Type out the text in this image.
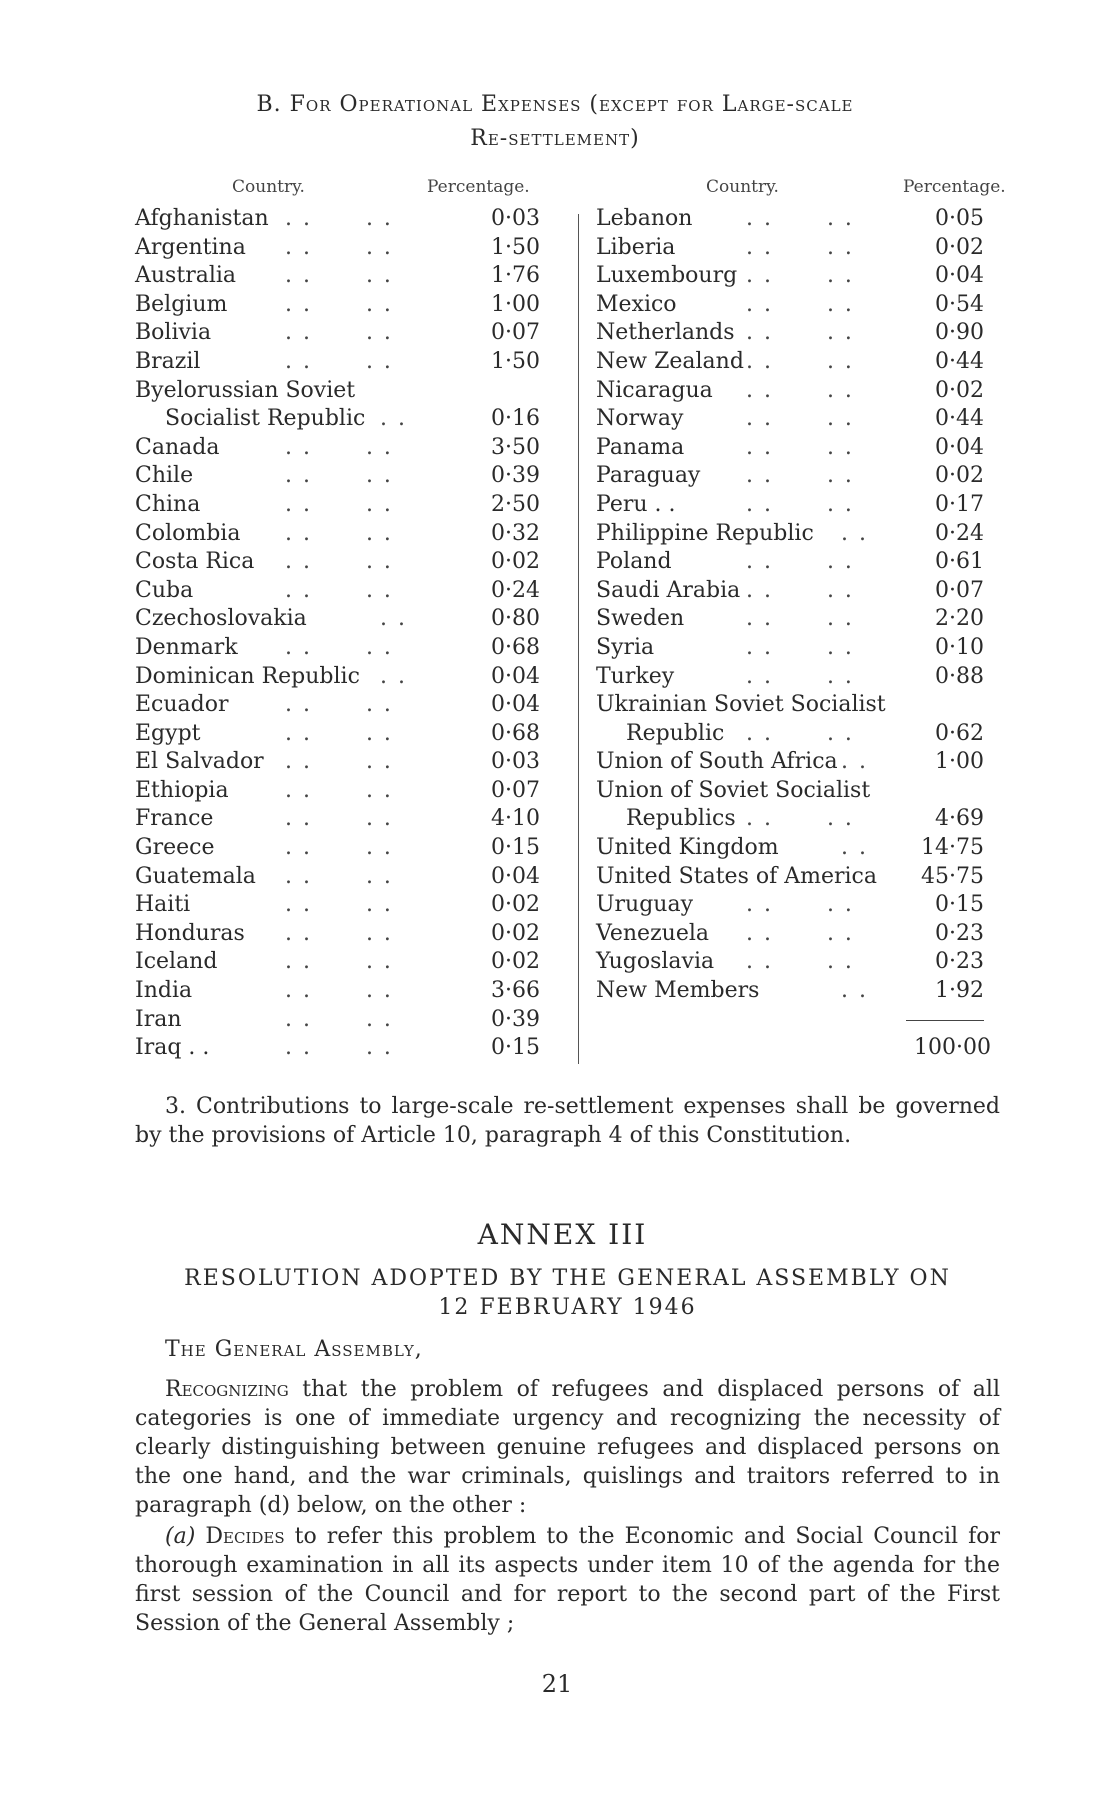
B. For Operational Expenses (except for Large-scale
Re-settlement)
Country.	Percentage.
Afghanistan . .      . .	0·03
Argentina . .      . .	1·50
Australia . .      . .	1·76
Belgium	. .      . .	1·00
Bolivia	. .      . .	0·07
Brazil	. .      . .	1·50
Byelorussian Soviet
Socialist Republic . .	0·16
Canada	. .      . .	3·50
Chile	. .      . .	0·39
China	. .      . .	2·50
Colombia . .      . .	0·32
Costa Rica . .      . .	0·02
Cuba	. .      . .	0·24
Czechoslovakia	. .	0·80
Denmark . .      . .	0·68
Dominican Republic . .	0·04
Ecuador	. .      . .	0·04
Egypt	. .      . .	0·68
El Salvador . .      . .	0·03
Ethiopia	. .      . .	0·07
France	. .      . .	4·10
Greece	. .      . .	0·15
Guatemala . .      . .	0·04
Haiti	. .      . .	0·02
Honduras . .      . .	0·02
Iceland	. .      . .	0·02
India	. .      . .	3·66
Iran	. .      . .	0·39
Iraq . .	. .      . .	0·15
Country.	Percentage.
Lebanon . .      . .	0·05
Liberia	. .      . .	0·02
Luxembourg . .      . .	0·04
Mexico	. .      . .	0·54
Netherlands . .      . .	0·90
New Zealand . .      . .	0·44
Nicaragua . .      . .	0·02
Norway	. .      . .	0·44
Panama	. .      . .	0·04
Paraguay . .      . .	0·02
Peru . .	. .      . .	0·17
Philippine Republic . .	0·24
Poland	. .      . .	0·61
Saudi Arabia . .      . .	0·07
Sweden	. .      . .	2·20
Syria	. .      . .	0·10
Turkey	. .      . .	0·88
Ukrainian Soviet Socialist
Republic . .      . .	0·62
Union of South Africa . .	1·00
Union of Soviet Socialist
Republics . .      . .	4·69
United Kingdom	. .	14·75
United States of America	45·75
Uruguay . .      . .	0·15
Venezuela . .      . .	0·23
Yugoslavia . .      . .	0·23
New Members	. .	1·92
100·00
3. Contributions to large-scale re-settlement expenses shall be governed by the provisions of Article 10, paragraph 4 of this Constitution.
ANNEX III
RESOLUTION ADOPTED BY THE GENERAL ASSEMBLY ON
12 FEBRUARY 1946
The General Assembly,
Recognizing that the problem of refugees and displaced persons of all categories is one of immediate urgency and recognizing the necessity of clearly distinguishing between genuine refugees and displaced persons on the one hand, and the war criminals, quislings and traitors referred to in paragraph (d) below, on the other :
(a) Decides to refer this problem to the Economic and Social Council for thorough examination in all its aspects under item 10 of the agenda for the first session of the Council and for report to the second part of the First Session of the General Assembly ;
21
